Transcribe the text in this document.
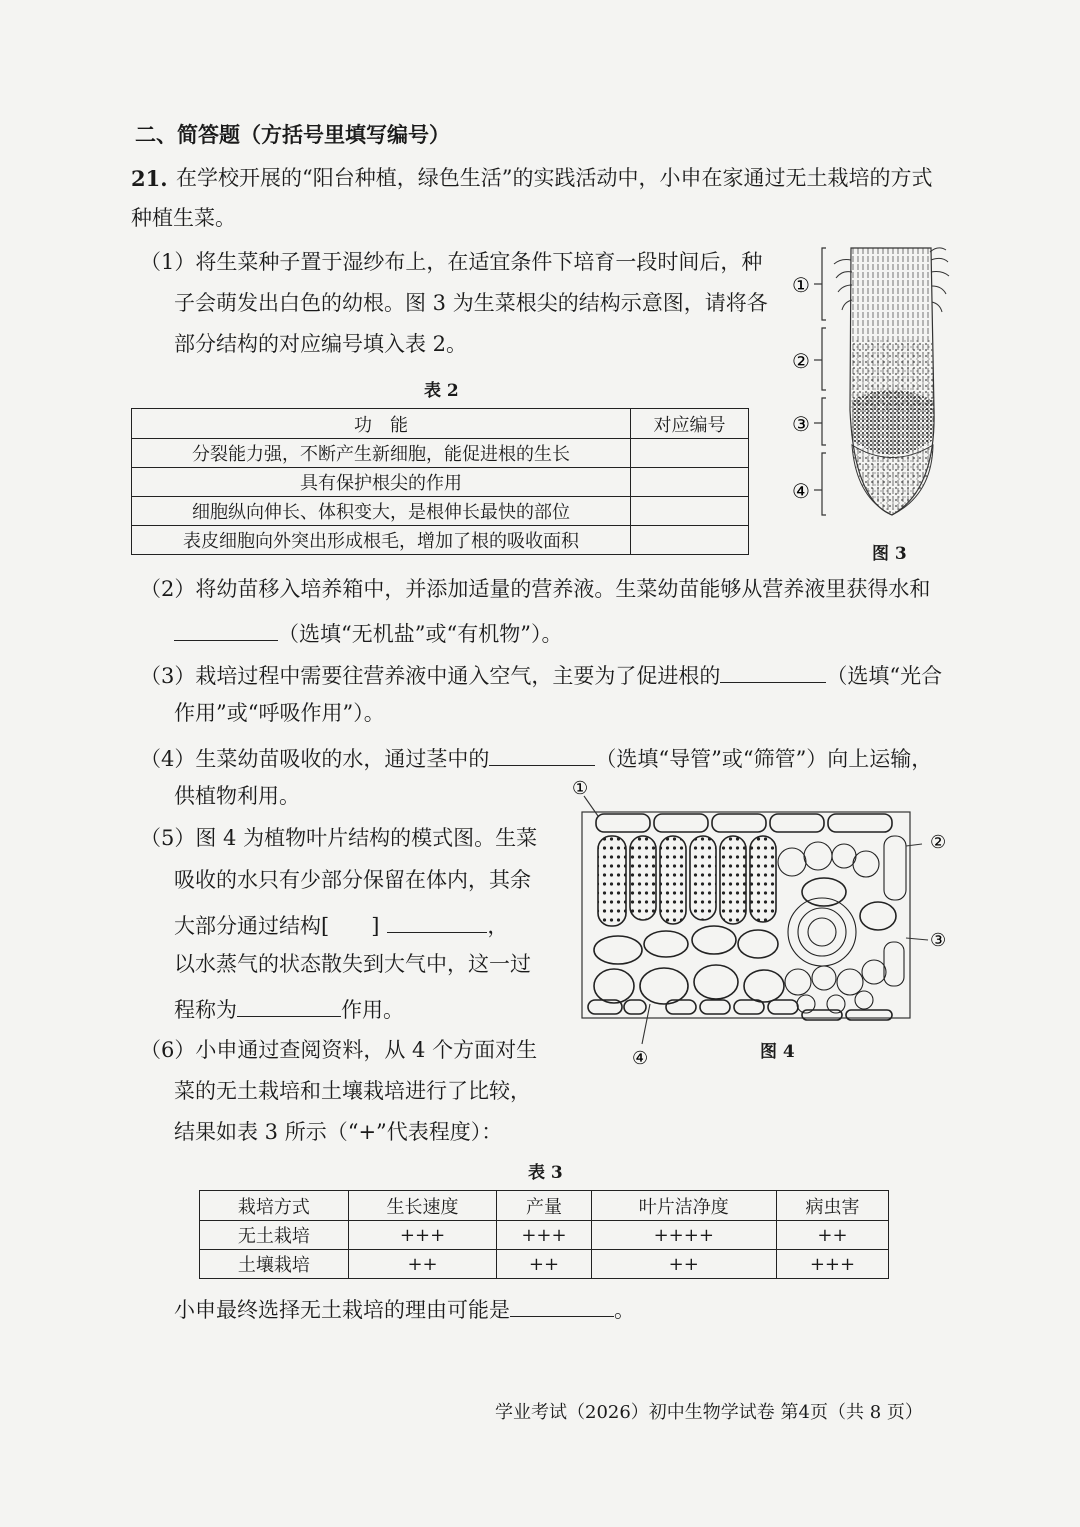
二、简答题（方括号里填写编号）
21. 在学校开展的“阳台种植，绿色生活”的实践活动中，小申在家通过无土栽培的方式
种植生菜。
（1）将生菜种子置于湿纱布上，在适宜条件下培育一段时间后，种
子会萌发出白色的幼根。图 3 为生菜根尖的结构示意图，请将各
部分结构的对应编号填入表 2。
表 2
功　能	对应编号
分裂能力强，不断产生新细胞，能促进根的生长	
具有保护根尖的作用	
细胞纵向伸长、体积变大，是根伸长最快的部位	
表皮细胞向外突出形成根毛，增加了根的吸收面积	
①
②
③
④
图 3
（2）将幼苗移入培养箱中，并添加适量的营养液。生菜幼苗能够从营养液里获得水和
（选填“无机盐”或“有机物”）。
（3）栽培过程中需要往营养液中通入空气，主要为了促进根的	（选填“光合
作用”或“呼吸作用”）。
（4）生菜幼苗吸收的水，通过茎中的	（选填“导管”或“筛管”）向上运输，
供植物利用。
（5）图 4 为植物叶片结构的模式图。生菜
吸收的水只有少部分保留在体内，其余
大部分通过结构[ ]	，
以水蒸气的状态散失到大气中，这一过
程称为	作用。
①
②
③
④	图 4
（6）小申通过查阅资料，从 4 个方面对生
菜的无土栽培和土壤栽培进行了比较，
结果如表 3 所示（“+”代表程度）：
表 3
栽培方式	生长速度	产量	叶片洁净度	病虫害
无土栽培	+++	+++	++++	++
土壤栽培	++	++	++	+++
小申最终选择无土栽培的理由可能是	。
学业考试（2026）初中生物学试卷 第4页（共 8 页）
